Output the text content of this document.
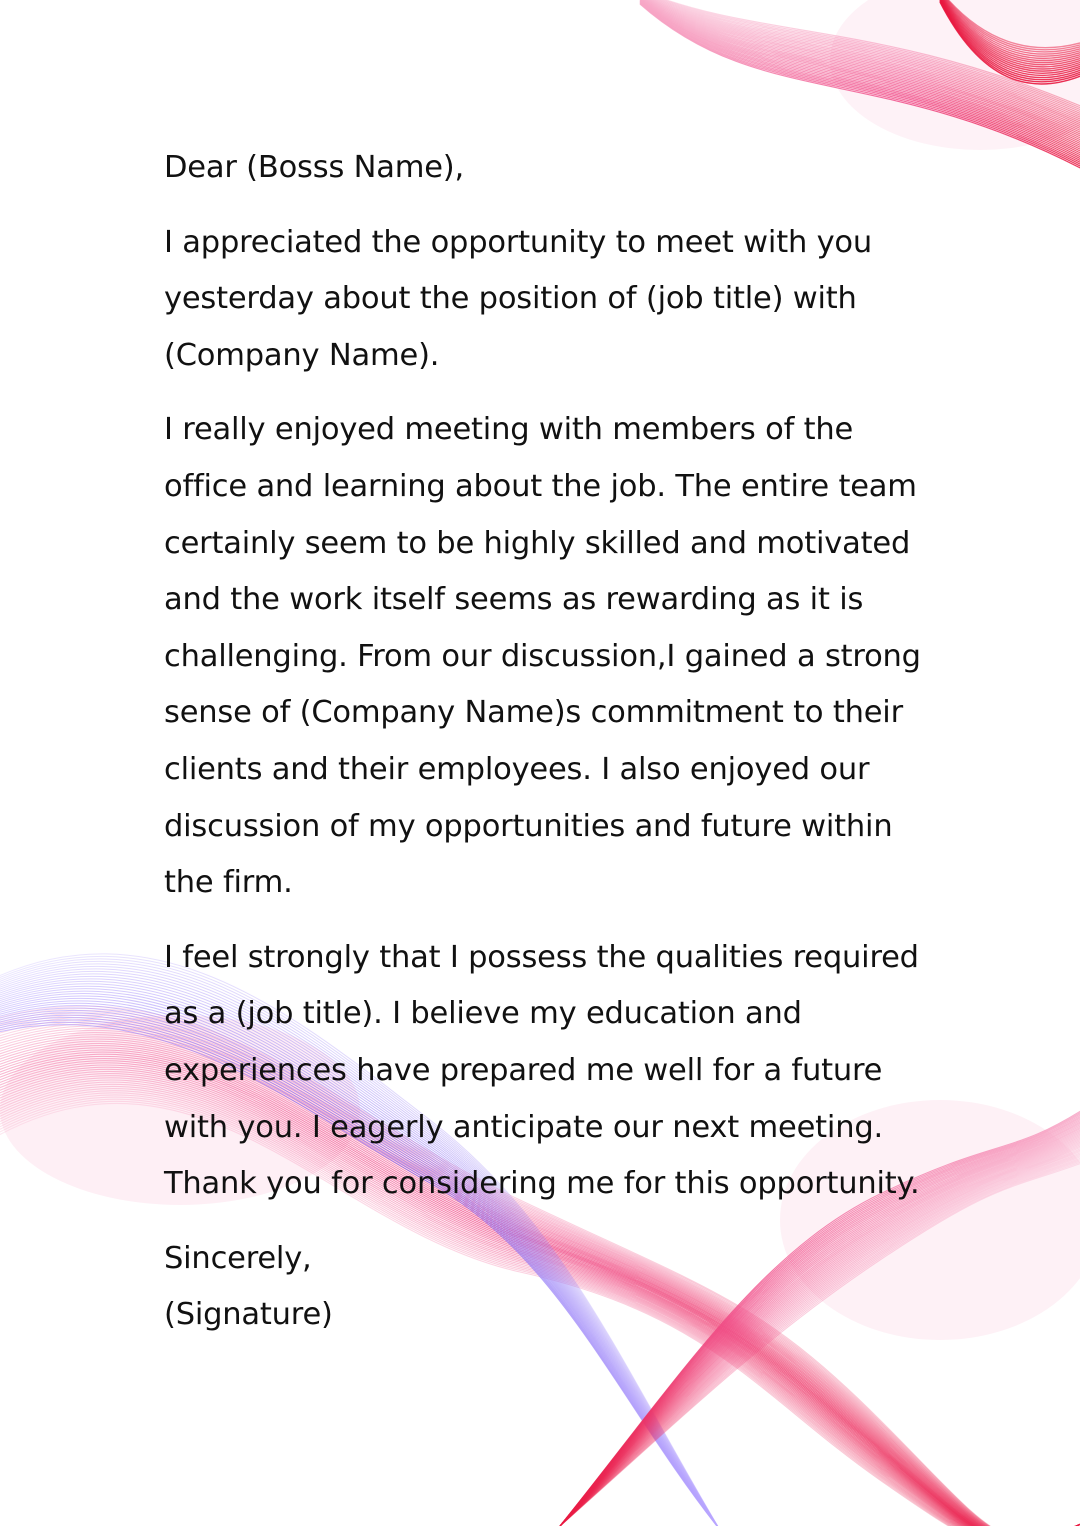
Dear (Bosss Name),

I appreciated the opportunity to meet with you
yesterday about the position of (job title) with
(Company Name).
I really enjoyed meeting with members of the
office and learning about the job. The entire team
certainly seem to be highly skilled and motivated
and the work itself seems as rewarding as it is
challenging. From our discussion,I gained a strong
sense of (Company Name)s commitment to their
clients and their employees. I also enjoyed our
discussion of my opportunities and future within
the firm.
I feel strongly that I possess the qualities required
as a (job title). I believe my education and
experiences have prepared me well for a future
with you. I eagerly anticipate our next meeting.
Thank you for considering me for this opportunity.
Sincerely,
(Signature)
